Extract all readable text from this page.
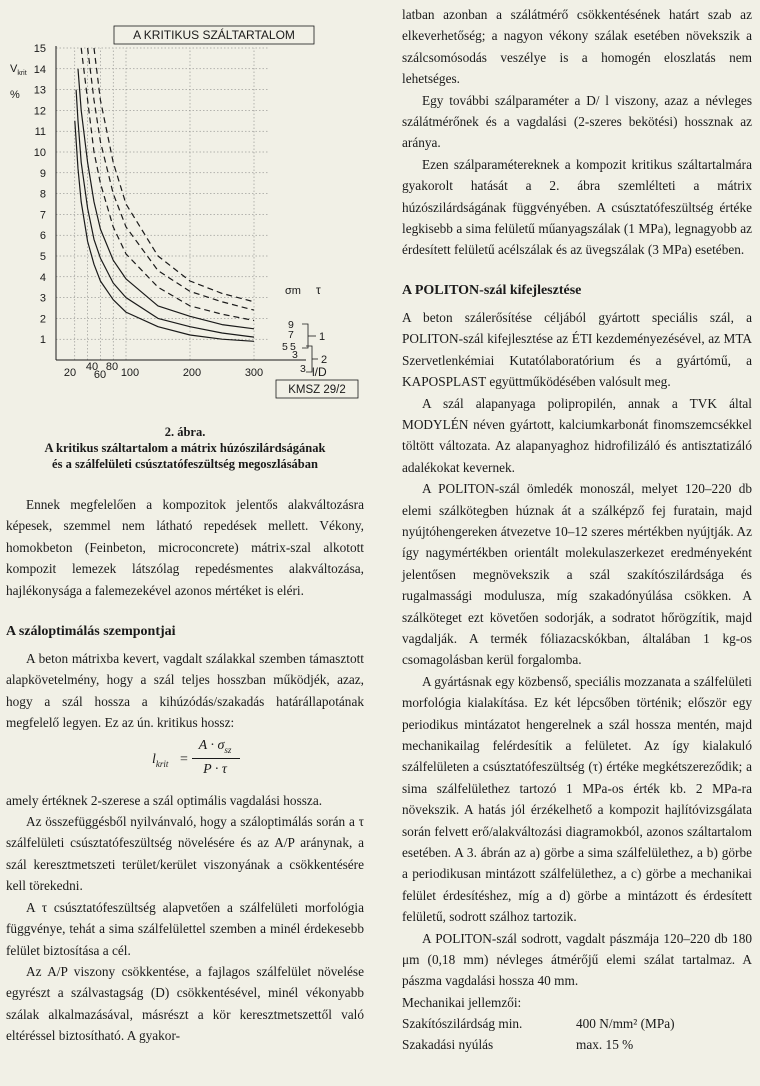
A KRITIKUS SZÁLTARTALOM
$V_{krit}$
%
15
14
13
12
11
10
9
8
7
6
5
4
3
2
1
20 40
60
80 100	200	300	l/D
KMSZ 29/2
σm τ
9
7
5
3
5
3
1
2

2. ábra.

A kritikus száltartalom a mátrix húzószilárdságának

és a szálfelületi csúsztatófeszültség megoszlásában

Ennek megfelelően a kompozitok jelentős alakváltozásra képesek, szemmel nem látható repedések mellett. Vékony, homokbeton (Feinbeton, microconcrete) mátrix-szal alkotott kompozit lemezek látszólag repedésmentes alakváltozása, hajlékonysága a falemezekével azonos mértéket is eléri.

A száloptimálás szempontjai

A beton mátrixba kevert, vagdalt szálakkal szemben támasztott alapkövetelmény, hogy a szál teljes hosszban működjék, azaz, hogy a szál hossza a kihúzódás/szakadás határállapotának megfelelő legyen. Ez az ún. kritikus hossz:

$l_{krit}$ =
$A \cdot \sigma_{sz}$
P · τ

amely értéknek 2-szerese a szál optimális vagdalási hossza.

Az összefüggésből nyilvánvaló, hogy a száloptimálás során a τ szálfelületi csúsztatófeszültség növelésére és az A/P aránynak, a szál keresztmetszeti terület/kerület viszonyának a csökkentésére kell törekedni.

A τ csúsztatófeszültség alapvetően a szálfelületi morfológia függvénye, tehát a sima szálfelülettel szemben a minél érdekesebb felület biztosítása a cél.

Az A/P viszony csökkentése, a fajlagos szálfelület növelése egyrészt a szálvastagság (D) csökkentésével, minél vékonyabb szálak alkalmazásával, másrészt a kör keresztmetszettől való eltéréssel biztosítható. A gyakor-

latban azonban a szálátmérő csökkentésének határt szab az elkeverhetőség; a nagyon vékony szálak esetében növekszik a szálcsomósodás veszélye is a homogén eloszlatás nem lehetséges.

Egy további szálparaméter a D/ l viszony, azaz a névleges szálátmérőnek és a vagdalási (2-szeres bekötési) hossznak az aránya.

Ezen szálparamétereknek a kompozit kritikus száltartalmára gyakorolt hatását a 2. ábra szemlélteti a mátrix húzószilárdságának függvényében. A csúsztatófeszültség értéke legkisebb a sima felületű műanyagszálak (1 MPa), legnagyobb az érdesített felületű acélszálak és az üvegszálak (3 MPa) esetében.

A POLITON-szál kifejlesztése

A beton szálerősítése céljából gyártott speciális szál, a POLITON-szál kifejlesztése az ÉTI kezdeményezésével, az MTA Szervetlenkémiai Kutatólaboratórium és a gyártómű, a KAPOSPLAST együttműködésében valósult meg.

A szál alapanyaga polipropilén, annak a TVK által MODYLÉN néven gyártott, kalciumkarbonát finomszemcsékkel töltött változata. Az alapanyaghoz hidrofilizáló és antisztatizáló adalékokat kevernek.

A POLITON-szál ömledék monoszál, melyet 120–220 db elemi szálkötegben húznak át a szálképző fej furatain, majd nyújtóhengereken átvezetve 10–12 szeres mértékben nyújtják. Az így nagymértékben orientált molekulaszerkezet eredményeként jelentősen megnövekszik a szál szakítószilárdsága és rugalmassági modulusza, míg szakadónyúlása csökken. A szálköteget ezt követően sodorják, a sodratot hőrögzítik, majd vagdalják. A termék fóliazacskókban, általában 1 kg-os csomagolásban kerül forgalomba.

A gyártásnak egy közbenső, speciális mozzanata a szálfelületi morfológia kialakítása. Ez két lépcsőben történik; először egy periodikus mintázatot hengerelnek a szál hossza mentén, majd mechanikailag felérdesítik a felületet. Az így kialakuló szálfelületen a csúsztatófeszültség (τ) értéke megkétszereződik; a sima szálfelülethez tartozó 1 MPa-os érték kb. 2 MPa-ra növekszik. A hatás jól érzékelhető a kompozit hajlítóvizsgálata során felvett erő/alakváltozási diagramokból, azonos száltartalom esetében. A 3. ábrán az a) görbe a sima szálfelülethez, a b) görbe a periodikusan mintázott szálfelülethez, a c) görbe a mechanikai felület érdesítéshez, míg a d) görbe a mintázott és érdesített felületű, sodrott szálhoz tartozik.

A POLITON-szál sodrott, vagdalt pászmája 120–220 db 180 μm (0,18 mm) névleges átmérőjű elemi szálat tartalmaz. A pászma vagdalási hossza 40 mm.

Mechanikai jellemzői:
Szakítószilárdság min.	400 N/mm² (MPa)
Szakadási nyúlás	max. 15 %
